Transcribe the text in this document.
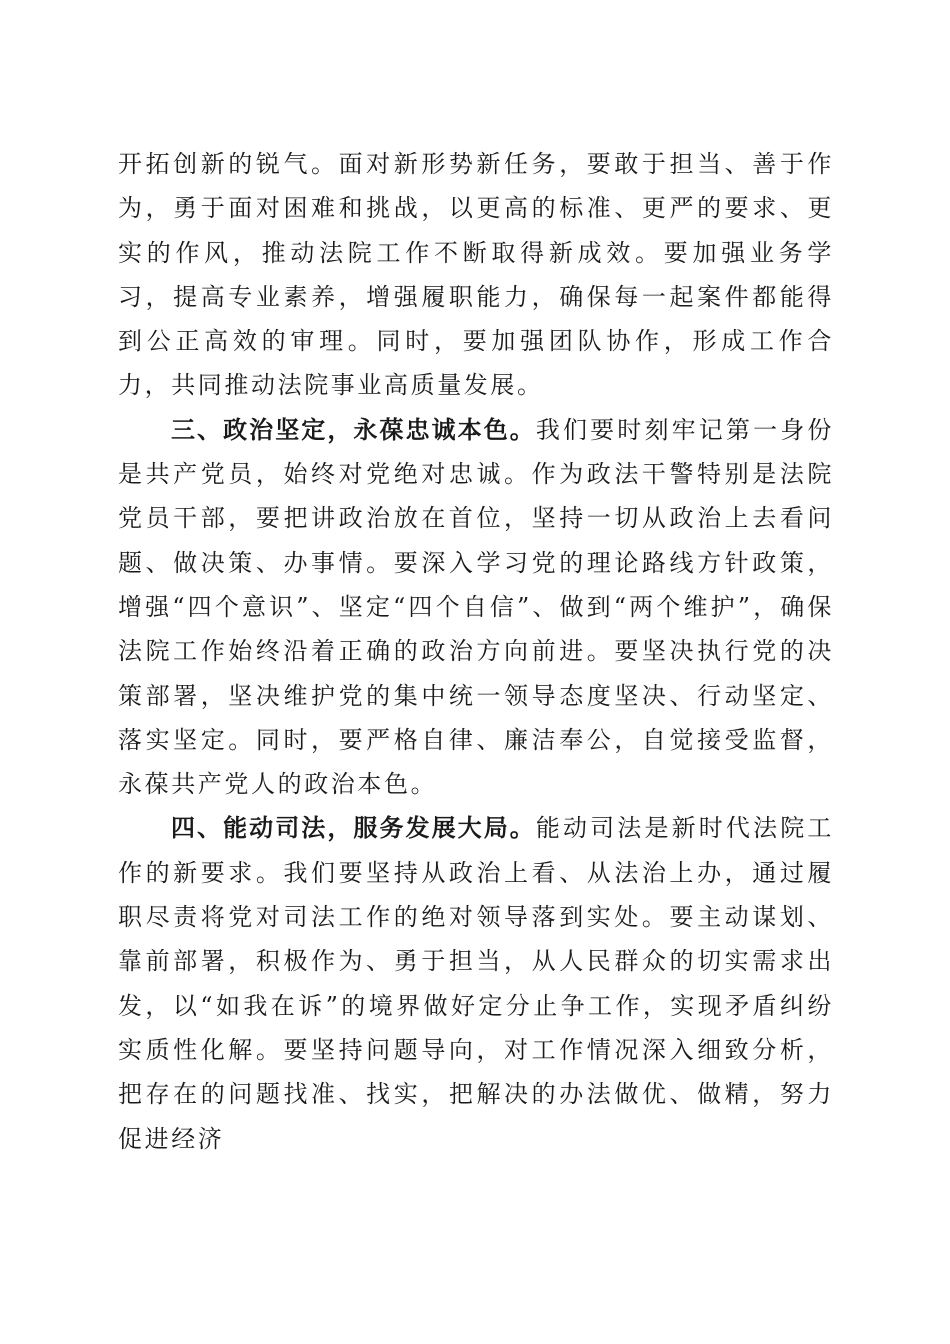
开拓创新的锐气。面对新形势新任务，要敢于担当、善于作为，勇于面对困难和挑战，以更高的标准、更严的要求、更实的作风，推动法院工作不断取得新成效。要加强业务学习，提高专业素养，增强履职能力，确保每一起案件都能得到公正高效的审理。同时，要加强团队协作，形成工作合力，共同推动法院事业高质量发展。

三、政治坚定，永葆忠诚本色。我们要时刻牢记第一身份是共产党员，始终对党绝对忠诚。作为政法干警特别是法院党员干部，要把讲政治放在首位，坚持一切从政治上去看问题、做决策、办事情。要深入学习党的理论路线方针政策，增强“四个意识”、坚定“四个自信”、做到“两个维护”，确保法院工作始终沿着正确的政治方向前进。要坚决执行党的决策部署，坚决维护党的集中统一领导态度坚决、行动坚定、落实坚定。同时，要严格自律、廉洁奉公，自觉接受监督，永葆共产党人的政治本色。

四、能动司法，服务发展大局。能动司法是新时代法院工作的新要求。我们要坚持从政治上看、从法治上办，通过履职尽责将党对司法工作的绝对领导落到实处。要主动谋划、靠前部署，积极作为、勇于担当，从人民群众的切实需求出发，以“如我在诉”的境界做好定分止争工作，实现矛盾纠纷实质性化解。要坚持问题导向，对工作情况深入细致分析，把存在的问题找准、找实，把解决的办法做优、做精，努力促进经济
